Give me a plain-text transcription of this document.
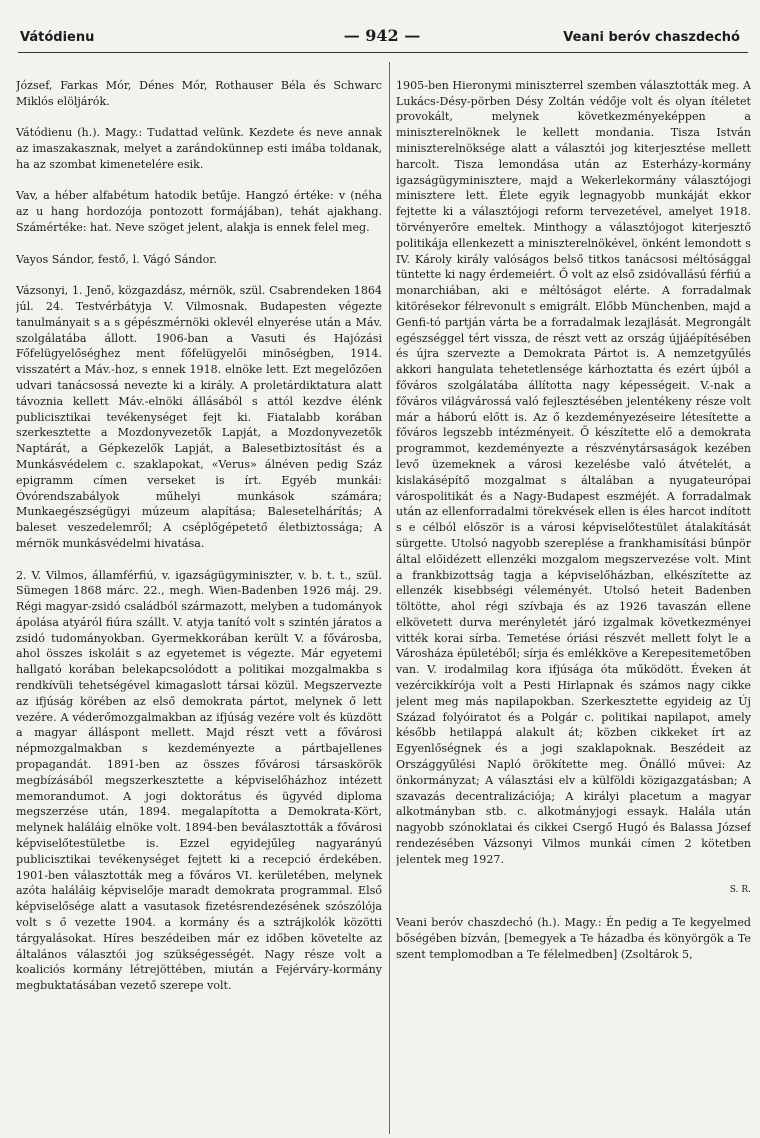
Vátódienu	— 942 —	Veani beróv chaszdechó

József, Farkas Mór, Dénes Mór, Rothauser Béla és Schwarc Miklós elöljárók.

Vátódienu (h.). Magy.: Tudattad velünk. Kezdete és neve annak az imaszakasznak, melyet a zarándokünnep esti imába toldanak, ha az szombat kimenetelére esik.

Vav, a héber alfabétum hatodik betűje. Hangzó értéke: v (néha az u hang hordozója pontozott formájában), tehát ajakhang. Számértéke: hat. Neve szöget jelent, alakja is ennek felel meg.

Vayos Sándor, festő, l. Vágó Sándor.

Vázsonyi, 1. Jenő, közgazdász, mérnök, szül. Csabrendeken 1864 júl. 24. Testvérbátyja V. Vilmosnak. Budapesten végezte tanulmányait s a s gépészmérnöki oklevél elnyerése után a Máv. szolgálatába állott. 1906-ban a Vasuti és Hajózási Főfelügyelőséghez ment főfelügyelői minőségben, 1914. visszatért a Máv.-hoz, s ennek 1918. elnöke lett. Ezt megelőzően udvari tanácsossá nevezte ki a király. A proletárdiktatura alatt távoznia kellett Máv.-elnöki állásából s attól kezdve élénk publicisztikai tevékenységet fejt ki. Fiatalabb korában szerkesztette a Mozdonyvezetők Lapját, a Mozdonyvezetők Naptárát, a Gépkezelők Lapját, a Balesetbiztosítást és a Munkásvédelem c. szaklapokat, «Verus» álnéven pedig Száz epigramm címen verseket is írt. Egyéb munkái: Óvórendszabályok műhelyi munkások számára; Munkaegészségügyi múzeum alapítása; Balesetelhárítás; A baleset veszedelemről; A cséplőgépetető életbiztossága; A mérnök munkásvédelmi hivatása.

2. V. Vilmos, államférfiú, v. igazságügyminiszter, v. b. t. t., szül. Sümegen 1868 márc. 22., megh. Wien-Badenben 1926 máj. 29. Régi magyar-zsidó családból származott, melyben a tudományok ápolása atyáról fiúra szállt. V. atyja tanító volt s szintén járatos a zsidó tudományokban. Gyermekkorában került V. a fővárosba, ahol összes iskoláit s az egyetemet is végezte. Már egyetemi hallgató korában belekapcsolódott a politikai mozgalmakba s rendkívüli tehetségével kimagaslott társai közül. Megszervezte az ifjúság körében az első demokrata pártot, melynek ő lett vezére. A véderőmozgalmakban az ifjúság vezére volt és küzdött a magyar álláspont mellett. Majd részt vett a fővárosi népmozgalmakban s kezdeményezte a pártbajellenes propagandát. 1891-ben az összes fővárosi társaskörök megbízásából megszerkesztette a képviselőházhoz intézett memorandumot. A jogi doktorátus és ügyvéd diploma megszerzése után, 1894. megalapította a Demokrata-Kört, melynek haláláig elnöke volt. 1894-ben beválasztották a fővárosi képviselőtestületbe is. Ezzel egyidejűleg nagyarányú publicisztikai tevékenységet fejtett ki a recepció érdekében. 1901-ben választották meg a főváros VI. kerületében, melynek azóta haláláig képviselője maradt demokrata programmal. Első képviselősége alatt a vasutasok fizetésrendezésének szószólója volt s ő vezette 1904. a kormány és a sztrájkolók közötti tárgyalásokat. Híres beszédeiben már ez időben követelte az általános választói jog szükségességét. Nagy része volt a koaliciós kormány létrejöttében, miután a Fejérváry-kormány megbuktatásában vezető szerepe volt.

1905-ben Hieronymi miniszterrel szemben választották meg. A Lukács-Désy-pörben Désy Zoltán védője volt és olyan ítéletet provokált, melynek következményeképpen a miniszterelnöknek le kellett mondania. Tisza István miniszterelnöksége alatt a választói jog kiterjesztése mellett harcolt. Tisza lemondása után az Esterházy-kormány igazságügyminisztere, majd a Wekerlekormány választójogi minisztere lett. Élete egyik legnagyobb munkáját ekkor fejtette ki a választójogi reform tervezetével, amelyet 1918. törvényerőre emeltek. Minthogy a választójogot kiterjesztő politikája ellenkezett a miniszterelnökével, önként lemondott s IV. Károly király valóságos belső titkos tanácsosi méltósággal tüntette ki nagy érdemeiért. Ő volt az első zsidóvallású férfiú a monarchiában, aki e méltóságot elérte. A forradalmak kitörésekor félrevonult s emigrált. Előbb Münchenben, majd a Genfi-tó partján várta be a forradalmak lezajlását. Megrongált egészséggel tért vissza, de részt vett az ország újjáépítésében és újra szervezte a Demokrata Pártot is. A nemzetgyűlés akkori hangulata tehetetlensége kárhoztatta és ezért újból a főváros szolgálatába állította nagy képességeit. V.-nak a főváros világvárossá való fejlesztésében jelentékeny része volt már a háború előtt is. Az ő kezdeményezéseire létesítette a főváros legszebb intézményeit. Ő készítette elő a demokrata programmot, kezdeményezte a részvénytársaságok kezében levő üzemeknek a városi kezelésbe való átvételét, a kislakásépítő mozgalmat s általában a nyugateurópai várospolitikát és a Nagy-Budapest eszméjét. A forradalmak után az ellenforradalmi törekvések ellen is éles harcot indított s e célból először is a városi képviselőtestület átalakítását sürgette. Utolsó nagyobb szereplése a frankhamisítási bűnpör által előidézett ellenzéki mozgalom megszervezése volt. Mint a frankbizottság tagja a képviselőházban, elkészítette az ellenzék kisebbségi véleményét. Utolsó heteit Badenben töltötte, ahol régi szívbaja és az 1926 tavaszán ellene elkövetett durva merényletét járó izgalmak következményei vitték korai sírba. Temetése óriási részvét mellett folyt le a Városháza épületéből; sírja és emlékköve a Kerepesitemetőben van. V. irodalmilag kora ifjúsága óta működött. Éveken át vezércikkírója volt a Pesti Hirlapnak és számos nagy cikke jelent meg más napilapokban. Szerkesztette egyideig az Új Század folyóiratot és a Polgár c. politikai napilapot, amely később hetilappá alakult át; közben cikkeket írt az Egyenlőségnek és a jogi szaklapoknak. Beszédeit az Országgyűlési Napló örökítette meg. Önálló művei: Az önkormányzat; A választási elv a külföldi közigazgatásban; A szavazás decentralizációja; A királyi placetum a magyar alkotmányban stb. c. alkotmányjogi essayk. Halála után nagyobb szónoklatai és cikkei Csergő Hugó és Balassa József rendezésében Vázsonyi Vilmos munkái címen 2 kötetben jelentek meg 1927.

S. R.

Veani beróv chaszdechó (h.). Magy.: Én pedig a Te kegyelmed bőségében bízván, [bemegyek a Te házadba és könyörgök a Te szent templomodban a Te félelmedben] (Zsoltárok 5,
